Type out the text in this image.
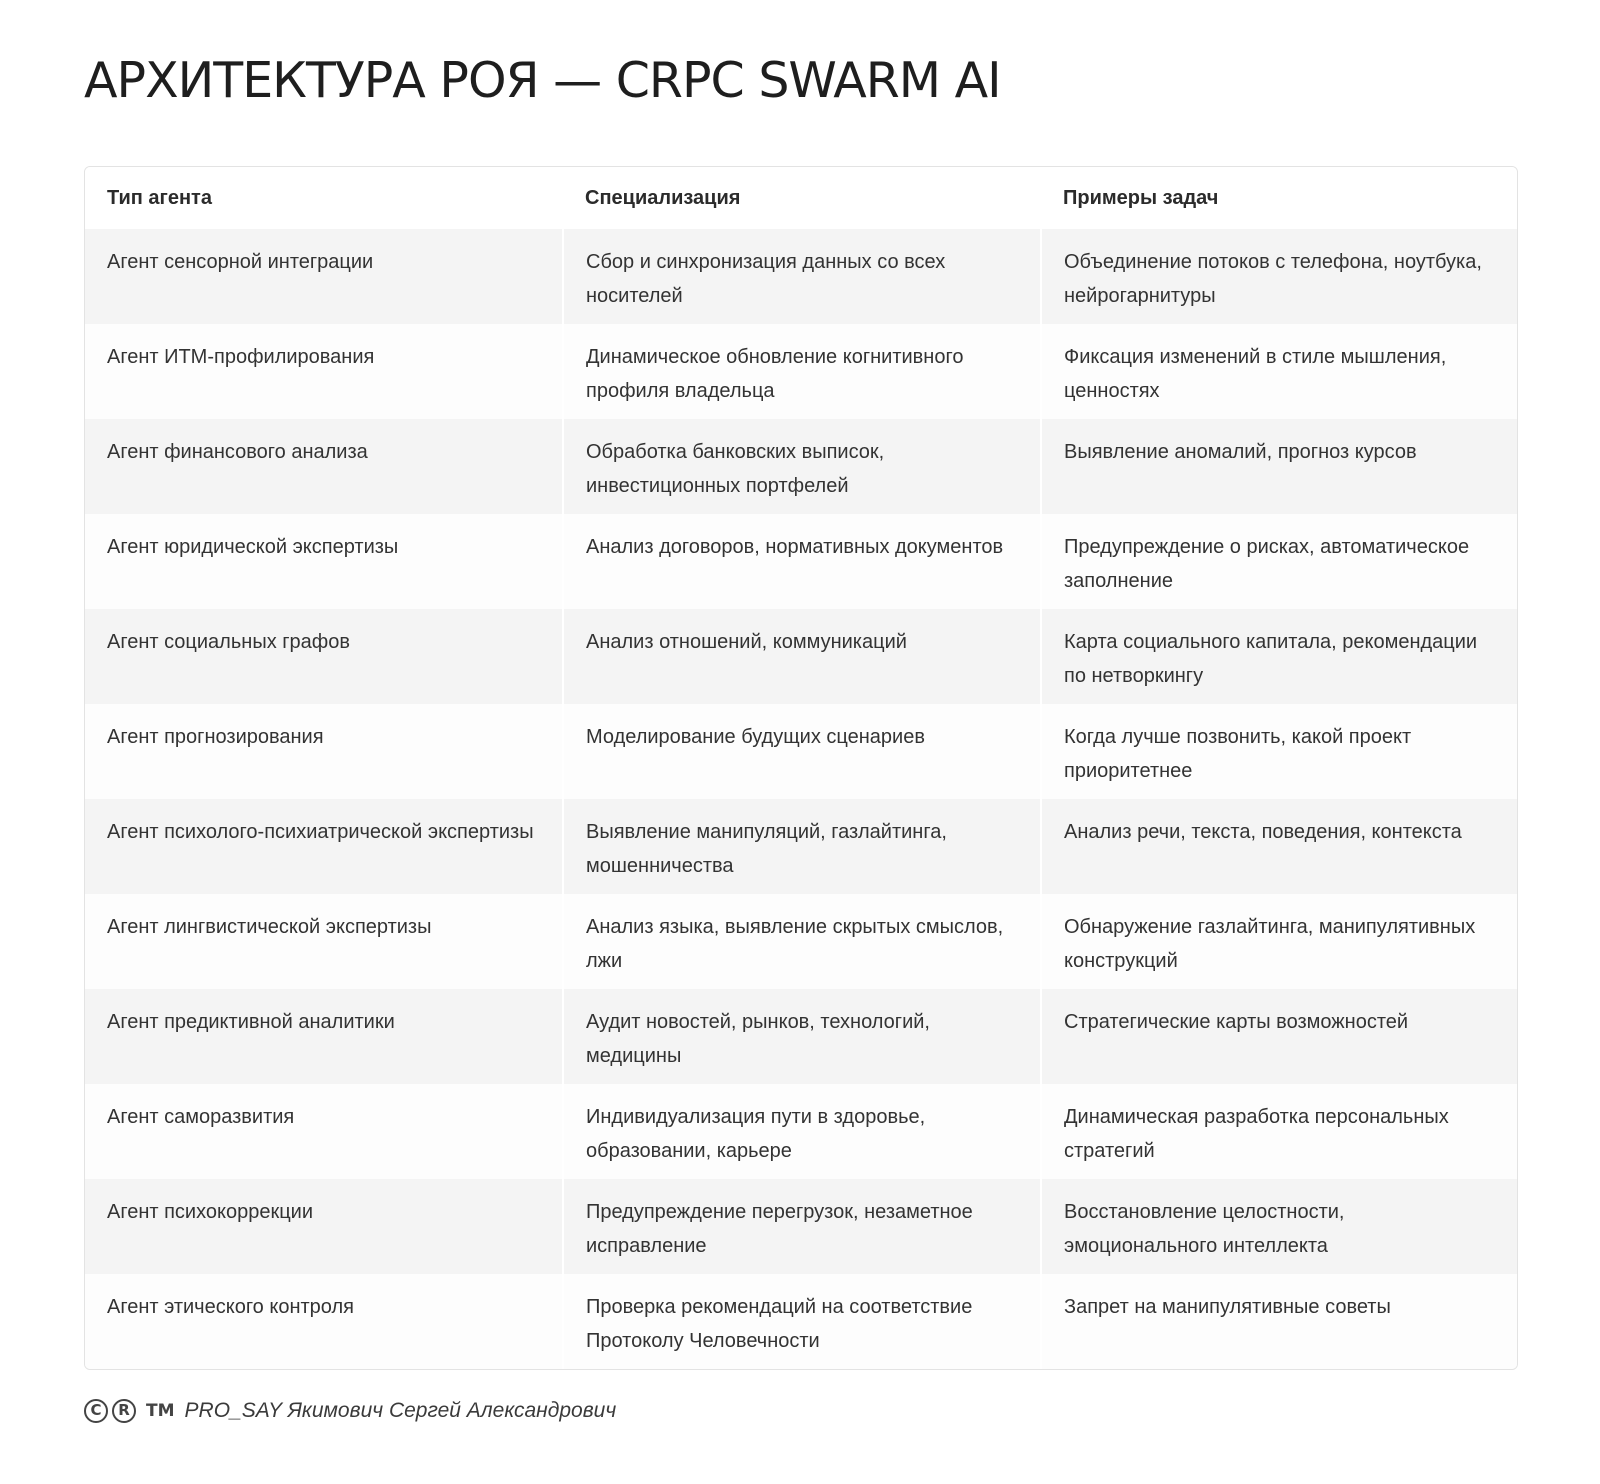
АРХИТЕКТУРА РОЯ — CRPC SWARM AI
Тип агента	Специализация	Примеры задач
Агент сенсорной интеграции	Сбор и синхронизация данных со всех носителей	Объединение потоков с телефона, ноутбука, нейрогарнитуры
Агент ИТМ-профилирования	Динамическое обновление когнитивного профиля владельца	Фиксация изменений в стиле мышления, ценностях
Агент финансового анализа	Обработка банковских выписок, инвестиционных портфелей	Выявление аномалий, прогноз курсов
Агент юридической экспертизы	Анализ договоров, нормативных документов	Предупреждение о рисках, автоматическое заполнение
Агент социальных графов	Анализ отношений, коммуникаций	Карта социального капитала, рекомендации по нетворкингу
Агент прогнозирования	Моделирование будущих сценариев	Когда лучше позвонить, какой проект приоритетнее
Агент психолого-психиатрической экспертизы	Выявление манипуляций, газлайтинга, мошенничества	Анализ речи, текста, поведения, контекста
Агент лингвистической экспертизы	Анализ языка, выявление скрытых смыслов, лжи	Обнаружение газлайтинга, манипулятивных конструкций
Агент предиктивной аналитики	Аудит новостей, рынков, технологий, медицины	Стратегические карты возможностей
Агент саморазвития	Индивидуализация пути в здоровье, образовании, карьере	Динамическая разработка персональных стратегий
Агент психокоррекции	Предупреждение перегрузок, незаметное исправление	Восстановление целостности, эмоционального интеллекта
Агент этического контроля	Проверка рекомендаций на соответствие Протоколу Человечности	Запрет на манипулятивные советы
C	R TM PRO_SAY Якимович Сергей Александрович
